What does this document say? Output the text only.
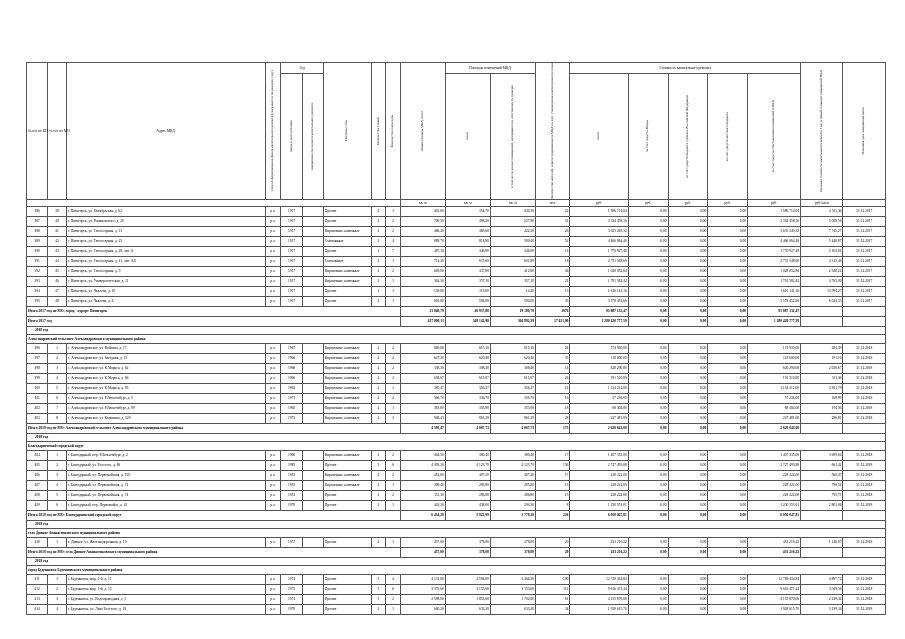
№ п/п по КП	№ п/п по МО	Адрес МКД	Способ формирования фонда капитального ремонта (указывается по каждому году)	Год		Материал стен	Количество этажей	Количество подъездов	общая площадь МКД, всего	Площадь помещений МКД:		Количество жителей, зарегистрированных в МКД на дату утверждения краткосрочного плана	Стоимость капитального ремонта					Удельная стоимость капитального ремонта 1 кв. м общей площади помещений МКД	Плановая дата завершения работ

				ввода в эксплуатацию	завершения последнего капитального ремонта					всего	в том числе жилых помещений, находящихся в собственности граждан		всего	за счет средств Фонда	за счет средств бюджета субъекта Российской Федерации	за счет средств местного бюджета	за счет средств собственников помещений в МКД		

									кв. м	кв. м	кв. м	чел.	руб.	руб.	руб.	руб.	руб.	руб./кв.м	
386	38	г. Пятигорск, ул. Октябрьская, д. 62	р.о.	1917		Прочие	2	1	401,60	354,70	330,10	22	1 586 714,04	0,00	0,00	0,00	1 586 714,04	4 511,36	31.12.2017
387	40	г. Пятигорск, ул. Романовского, д. 20	р.о.	1917		Прочие	2	2	700,50	498,20	527,90	31	3 334 458,16	0,00	0,00	0,00	3 334 458,16	5 058,56	31.12.2017
388	41	г. Пятигорск, ул. Теплосерная, д. 13	р.о.	1917		Кирпичные, каменные	2	2	486,20	469,60	422,30	26	3 635 249,32	0,00	0,00	0,00	3 635 249,32	7 745,27	31.12.2017
389	42	г. Пятигорск, ул. Теплосерная, д. 23	р.о.	1917		Смешанные	2	4	889,70	818,80	599,40	52	4 466 064,40	0,00	0,00	0,00	4 466 064,40	5 446,87	31.12.2017
390	43	г. Пятигорск, ул. Теплосерная, д. 28, лит. А	р.о.	1917		Прочие	1	7	487,10	346,90	346,90	14	1 770 927,48	0,00	0,00	0,00	1 770 927,48	5 105,01	31.12.2017
391	44	г. Пятигорск, ул. Теплосерная, д. 41, лит. А,Б	р.о.	1917		Смешанные	2	1	712,20	637,60	601,80	18	2 751 548,60	0,00	0,00	0,00	2 751 548,60	4 315,46	31.12.2017
392	45	г. Пятигорск, ул. Теплосерная, д. 9	р.о.	1917		Кирпичные, каменные	2	2	649,00	437,80	412,80	36	1 028 052,84	0,00	0,00	0,00	1 028 052,84	2 348,22	31.12.2017
393	46	г. Пятигорск, ул. Университетская, д. 11	р.о.	1917		Кирпичные, каменные	2	1	362,30	357,10	357,10	21	1 701 582,42	0,00	0,00	0,00	1 701 582,42	4 765,00	31.12.2017
394	47	г. Пятигорск, ул. Чкалова, д. 10	р.о.	1917		Прочие	1	1	139,00	119,00	14,20	13	1 616 141,16	0,00	0,00	0,00	1 616 141,16	13 594,27	31.12.2017
395	48	г. Пятигорск, ул. Чкалова, д. 4	р.о.	1917		Прочие	2	1	601,00	594,00	594,00	33	3 578 452,66	0,00	0,00	0,00	3 578 452,66	6 024,33	31.12.2017
Итого 2017 год по МО: город - курорт Пятигорск									23 040,79	20 937,80	19 180,79	1076	95 887 132,47	0,00	0,00	0,00	95 887 132,47		
Итого 2017 год									437 000,13	349 142,90	304 892,29	17 451,00	1 280 420 777,59	0,00	0,00	0,00	1 280 420 777,59		
2018 год																			
Александровский сельсовет Александровского муниципального района																			
396	1	с. Александровское, ул. Войтика, д. 17	р.о.	1967		Кирпичные, каменные	2	2	869,00	615,10	615,10	24	174 930,00	0,00	0,00	0,00	174 930,00	284,39	31.12.2018
397	2	с. Александровское, ул. Звездная, д. 15	р.о.	1966		Кирпичные, каменные	2	2	647,20	620,40	620,40	35	118 600,00	0,00	0,00	0,00	118 600,00	191,16	31.12.2018
398	3	с. Александровское, ул. К.Маркса, д. 62	р.о.	1968		Кирпичные, каменные	2	2	338,30	308,40	308,40	14	620 290,00	0,00	0,00	0,00	620 290,00	2 030,67	31.12.2018
399	4	с. Александровское, ул. К.Маркса, д. 66	р.о.	1966		Кирпичные, каменные	2	2	638,67	615,07	615,07	26	191 510,00	0,00	0,00	0,00	191 510,00	311,36	31.12.2018
400	5	с. Александровское, ул. К.Маркса, д. 93	р.о.	1963		Кирпичные, каменные	2	1	385,47	356,47	356,47	14	1 134 212,00	0,00	0,00	0,00	1 134 212,00	3 181,79	31.12.2018
401	6	с. Александровское, ул. Р.Люксембург, д. 5	р.о.	1971		Кирпичные, каменные	2	2	366,70	336,70	336,70	16	57 236,00	0,00	0,00	0,00	57 236,00	169,99	31.12.2018
402	7	с. Александровское, ул. Р.Люксембург, д. 99	р.о.	1965		Кирпичные, каменные	2	1	381,00	353,90	353,90	18	68 404,00	0,00	0,00	0,00	68 404,00	194,56	31.12.2018
403	8	с. Александровское, ул. Калинина, д. 320	р.о.	1972		Кирпичные, каменные	2	3	948,43	861,29	861,29	28	247 481,00	0,00	0,00	0,00	247 481,00	286,81	31.12.2018
Итого 2018 год по МО: Александровский сельсовет Александровского муниципального района									4 595,47	4 067,73	4 067,73	175	2 620 643,00	0,00	0,00	0,00	2 620 643,00		
2018 год																			
Благодарненский городской округ																			
404	1	г. Благодарный, пер. Р.Люксембург, д. 2	р.о.	1960		Кирпичные, каменные	2	2	404,50	380,40	380,40	17	1 407 335,00	0,00	0,00	0,00	1 407 335,00	3 699,62	31.12.2018
405	2	г. Благодарный, ул. Толстого, д. 86	р.о.	1985		Прочие	5	6	4 493,20	4 123,79	4 123,79	156	2 727 493,80	0,00	0,00	0,00	2 727 493,80	661,42	31.12.2018
406	3	г. Благодарный, ул. Первомайская, д. 105	р.о.	1953		Кирпичные, каменные	2	2	452,60	407,20	407,20	17	228 222,00	0,00	0,00	0,00	228 222,00	560,47	31.12.2018
407	4	г. Благодарный, ул. Первомайская, д. 72	р.о.	1955		Кирпичные, каменные	2	1	309,40	285,80	285,80	13	228 222,00	0,00	0,00	0,00	228 222,00	798,54	31.12.2018
408	5	г. Благодарный, ул. Первомайская, д. 74	р.о.	1953		Прочие	2	2	331,30	286,80	286,80	15	228 222,00	0,00	0,00	0,00	228 222,00	795,75	31.12.2018
409	6	г. Благодарный, пер. Первомайск, д. 10	р.о.	1970		Прочие	2	1	443,20	438,00	294,30	8	1 230 553,01	0,00	0,00	0,00	1 230 553,01	2 803,06	31.12.2018
Итого 2018 год по МО: Благодарненский городской округ									6 434,20	5 922,99	5 778,20	226	6 050 047,81	0,00	0,00	0,00	6 050 047,81		
2018 год																			
село Дивное Апанасенковского муниципального района																			
410	1	с. Дивное, ул. Железнодорожная, д. 10	р.о.	1957		Прочие	2	1	457,00	378,00	378,00	20	433 216,22	0,00	0,00	0,00	433 216,22	1 146,07	31.12.2018
Итого 2018 год по МО: село Дивное Апанасенковского муниципального района									457,00	378,00	378,00	20	433 216,22	0,00	0,00	0,00	433 216,22		
2018 год																			
город Буденновск Буденновского муниципального района																			
411	1	г. Буденновск, мкр. 1-й, д. 11	р.о.	1974		Прочие	5	4	4 131,00	2 594,00	2 466,50	100	12 749 434,84	0,00	0,00	0,00	12 749 434,84	4 897,72	31.12.2018
412	2	г. Буденновск, мкр. 1-й, д. 13	р.о.	1972		Прочие	5	6	3 373,60	3 153,60	3 153,60	112	9 616 471,44	0,00	0,00	0,00	9 616 471,44	3 049,36	31.12.2018
413	3	г. Буденновск, ул. Водопроводная, д. 5	р.о.	1974		Прочие	5	2	2 598,00	1 853,60	1 702,00	61	4 155 870,06	0,00	0,00	0,00	4 155 870,06	2 239,42	31.12.2018
414	4	г. Буденновск, ул. Льва Толстого, д. 18	р.о.	1970		Прочие	2	1	640,20	633,20	633,20	34	1 928 615,70	0,00	0,00	0,00	1 928 615,70	3 199,34	31.12.2018
